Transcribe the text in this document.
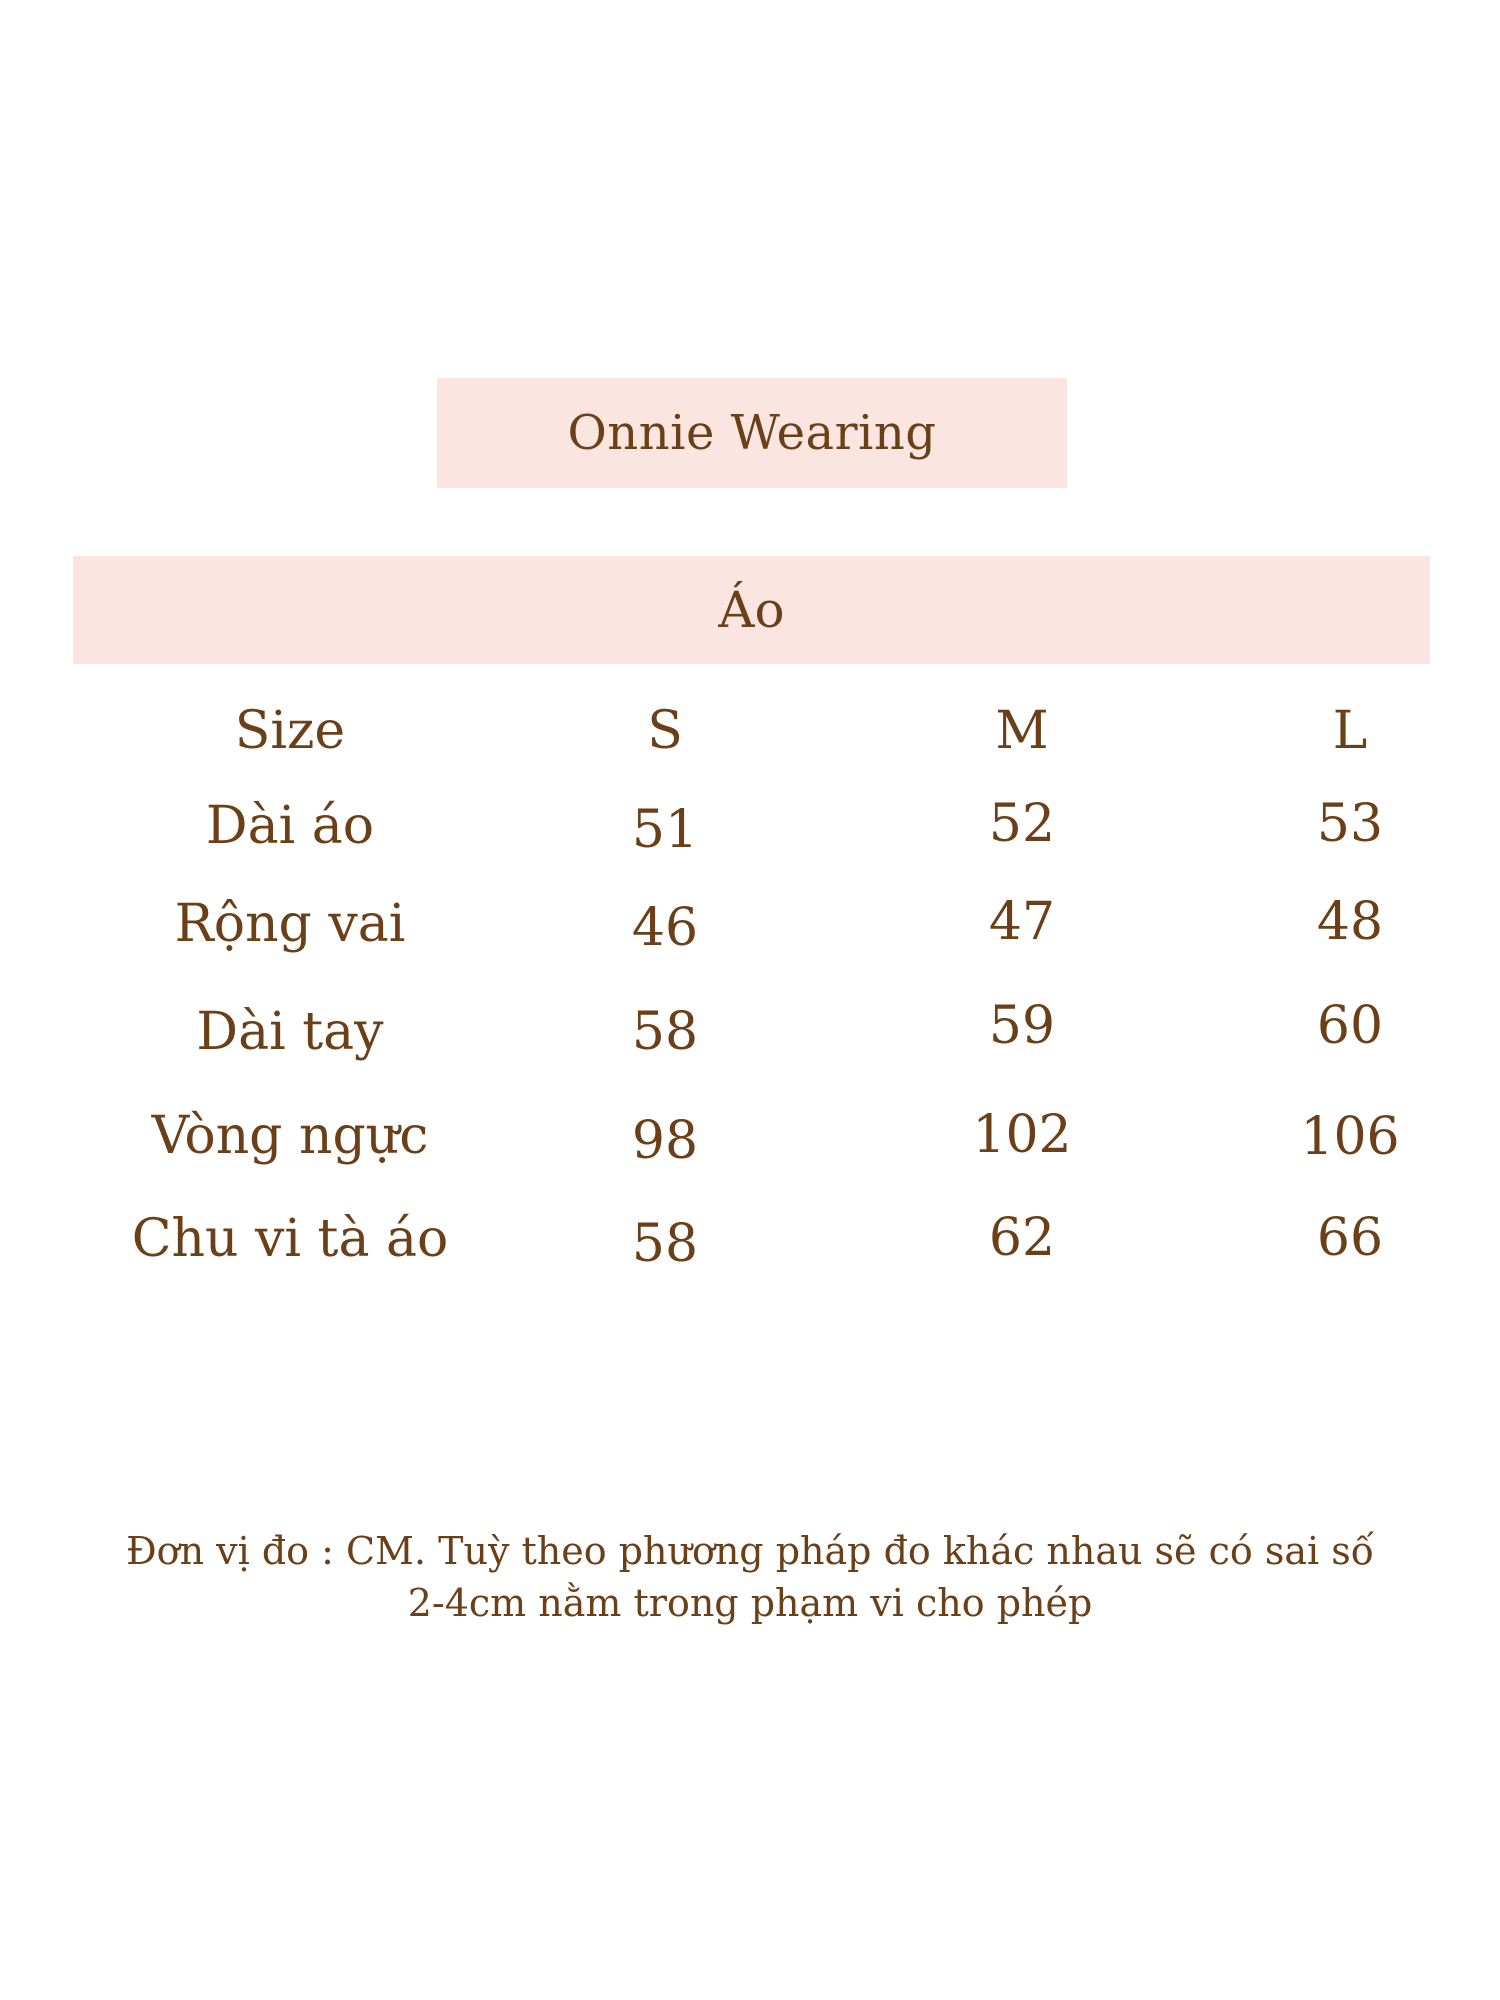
Onnie Wearing
Áo
Size	S	M	L
Dài áo	51	52	53
Rộng vai	46	47	48
Dài tay	58	59	60
Vòng ngực	98	102	106
Chu vi tà áo	58	62	66
Đơn vị đo : CM. Tuỳ theo phương pháp đo khác nhau sẽ có sai số
2-4cm nằm trong phạm vi cho phép
